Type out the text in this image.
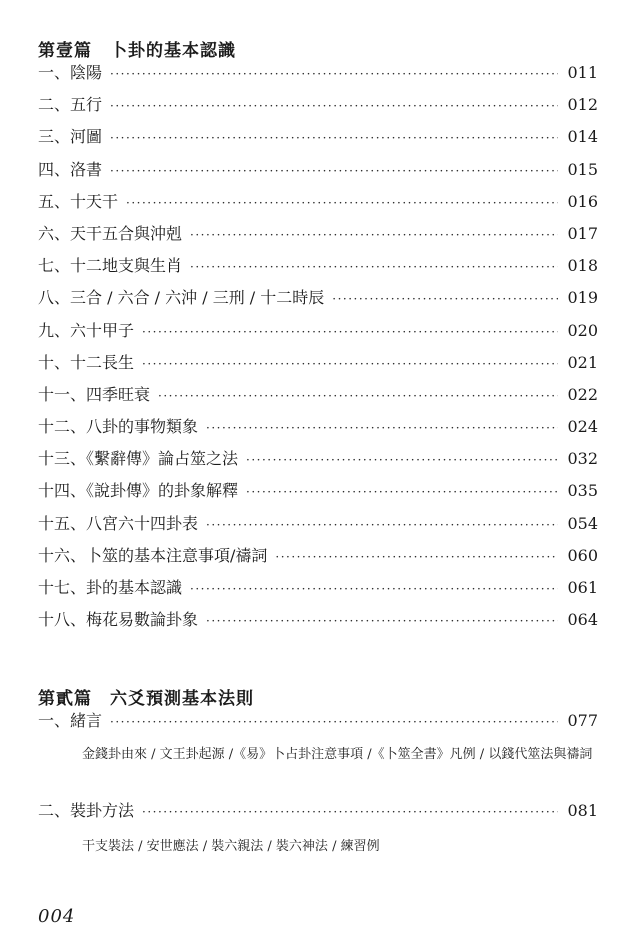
第壹篇　卜卦的基本認識
一、陰陽 ·····	011
二、五行 ·····	012
三、河圖 ·····	014
四、洛書 ·····	015
五、十天干 ·····	016
六、天干五合與沖剋 ·····	017
七、十二地支與生肖 ·····	018
八、三合 / 六合 / 六沖 / 三刑 / 十二時辰 ·····	019
九、六十甲子 ·····	020
十、十二長生 ·····	021
十一、四季旺衰 ·····	022
十二、八卦的事物類象 ·····	024
十三、《繫辭傳》論占筮之法 ·····	032
十四、《說卦傳》的卦象解釋 ·····	035
十五、八宮六十四卦表 ·····	054
十六、卜筮的基本注意事項/禱詞 ·····	060
十七、卦的基本認識 ·····	061
十八、梅花易數論卦象 ·····	064
第貳篇　六爻預測基本法則
一、緒言 ·····	077
金錢卦由來 / 文王卦起源 /《易》卜占卦注意事項 /《卜筮全書》凡例 / 以錢代筮法與禱詞
二、裝卦方法 ·····	081
干支裝法 / 安世應法 / 裝六親法 / 裝六神法 / 練習例
004
